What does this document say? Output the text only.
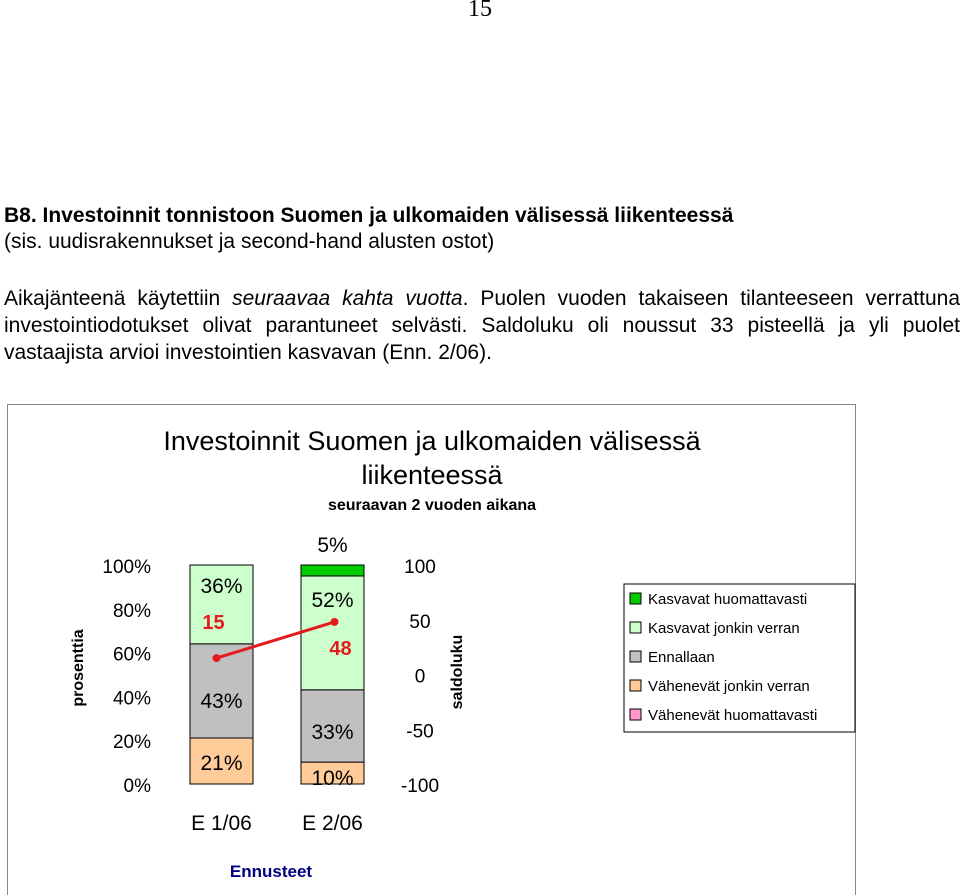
15
B8. Investoinnit tonnistoon Suomen ja ulkomaiden välisessä liikenteessä
(sis. uudisrakennukset ja second-hand alusten ostot)
Aikajänteenä käytettiin seuraavaa kahta vuotta. Puolen vuoden takaiseen tilanteeseen verrattuna investointiodotukset olivat parantuneet selvästi. Saldoluku oli noussut 33 pisteellä ja yli puolet vastaajista arvioi investointien kasvavan (Enn. 2/06).
Investoinnit Suomen ja ulkomaiden välisessä liikenteessä
seuraavan 2 vuoden aikana
prosenttia	saldoluku
Ennusteet
100%
80%
60%
40%
20%
0%
100
50
0
-50
-100
E 1/06 E 2/06
21%
43%
36%
10%
33%
52%
5%
15
48
Kasvavat huomattavasti
Kasvavat jonkin verran
Ennallaan
Vähenevät jonkin verran
Vähenevät huomattavasti
